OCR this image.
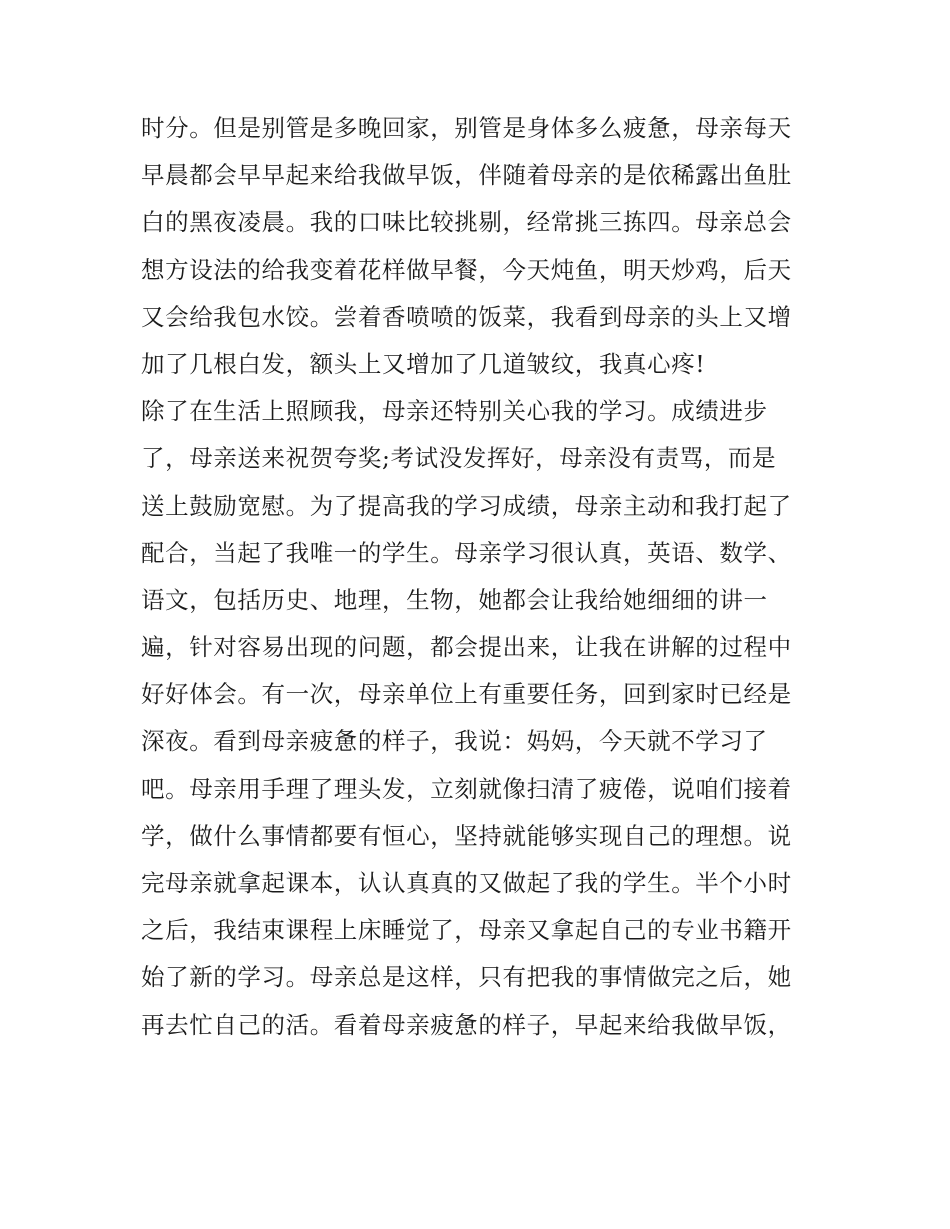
时分。但是别管是多晚回家，别管是身体多么疲惫，母亲每天
早晨都会早早起来给我做早饭，伴随着母亲的是依稀露出鱼肚
白的黑夜凌晨。我的口味比较挑剔，经常挑三拣四。母亲总会
想方设法的给我变着花样做早餐，今天炖鱼，明天炒鸡，后天
又会给我包水饺。尝着香喷喷的饭菜，我看到母亲的头上又增
加了几根白发，额头上又增加了几道皱纹，我真心疼!
除了在生活上照顾我，母亲还特别关心我的学习。成绩进步
了，母亲送来祝贺夸奖;考试没发挥好，母亲没有责骂，而是
送上鼓励宽慰。为了提高我的学习成绩，母亲主动和我打起了
配合，当起了我唯一的学生。母亲学习很认真，英语、数学、
语文，包括历史、地理，生物，她都会让我给她细细的讲一
遍，针对容易出现的问题，都会提出来，让我在讲解的过程中
好好体会。有一次，母亲单位上有重要任务，回到家时已经是
深夜。看到母亲疲惫的样子，我说：妈妈，今天就不学习了
吧。母亲用手理了理头发，立刻就像扫清了疲倦，说咱们接着
学，做什么事情都要有恒心，坚持就能够实现自己的理想。说
完母亲就拿起课本，认认真真的又做起了我的学生。半个小时
之后，我结束课程上床睡觉了，母亲又拿起自己的专业书籍开
始了新的学习。母亲总是这样，只有把我的事情做完之后，她
再去忙自己的活。看着母亲疲惫的样子，早起来给我做早饭，
